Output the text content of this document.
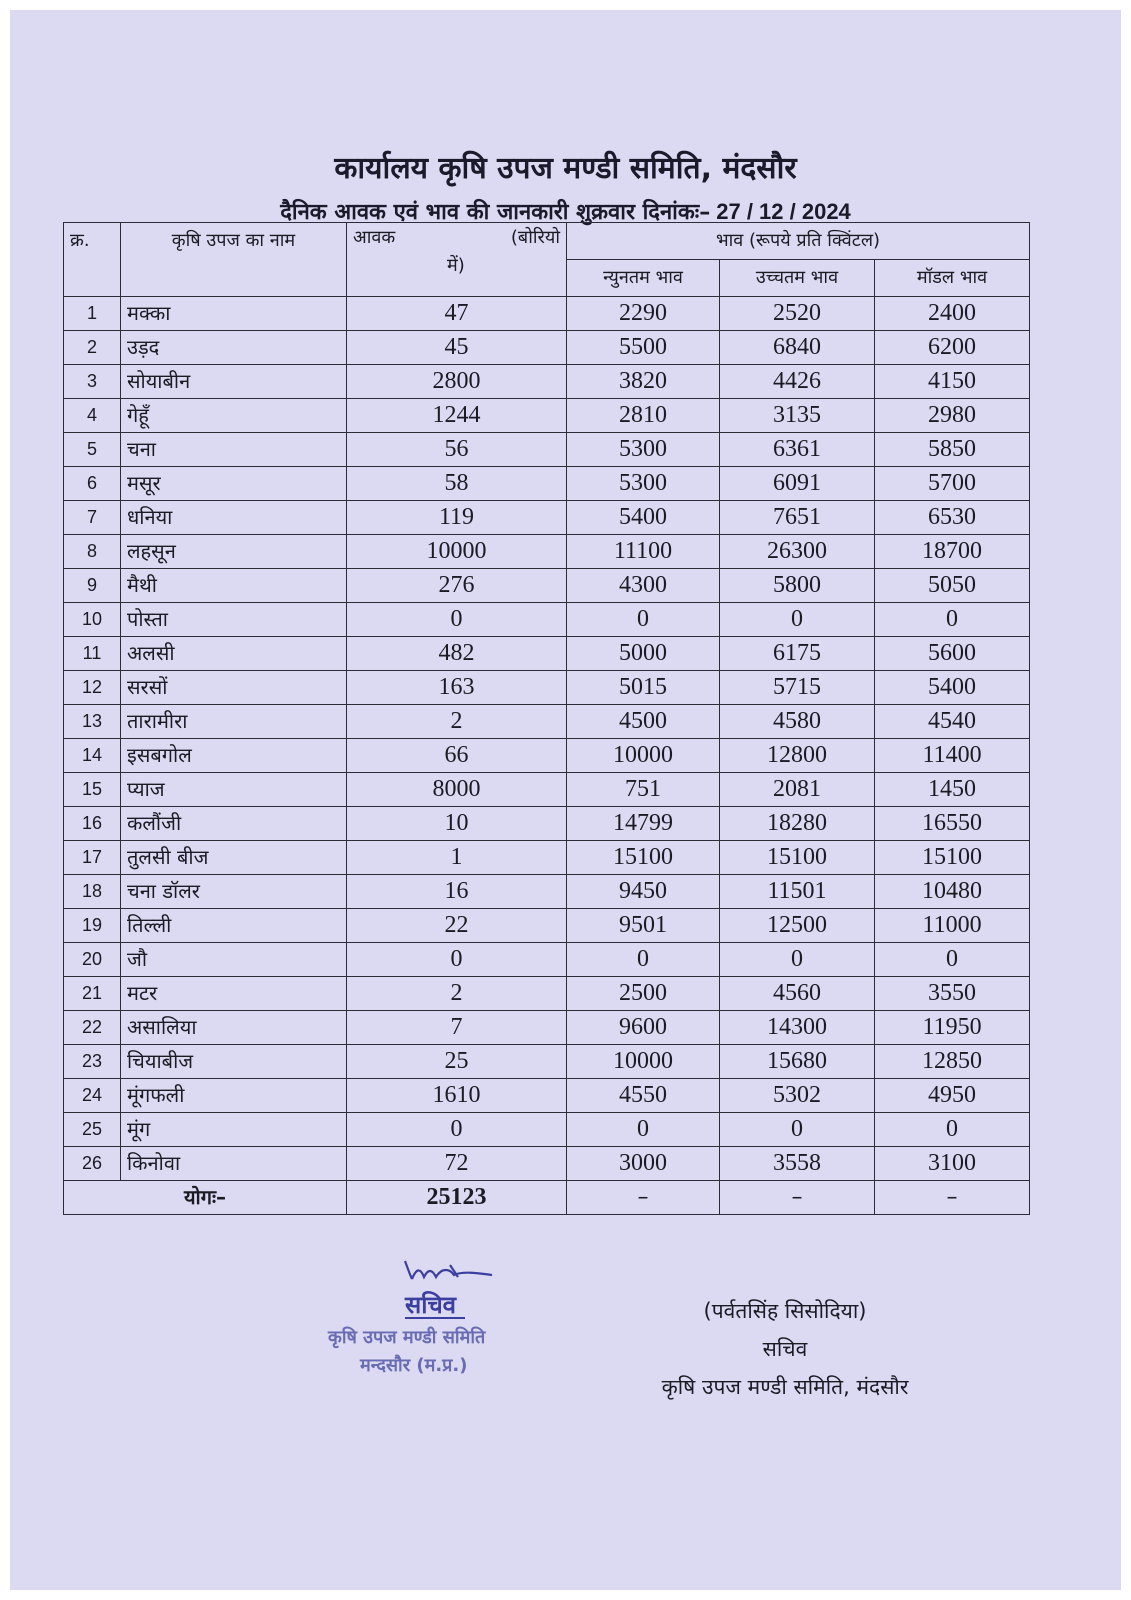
कार्यालय कृषि उपज मण्डी समिति, मंदसौर
दैनिक आवक एवं भाव की जानकारी शुक्रवार दिनांकः– 27 / 12 / 2024
क्र.	कृषि उपज का नाम	आवक (बोरियो
में)	भाव (रूपये प्रति क्विंटल)		
			न्युनतम भाव	उच्चतम भाव	मॉडल भाव
1	मक्का	47	2290	2520	2400
2	उड़द	45	5500	6840	6200
3	सोयाबीन	2800	3820	4426	4150
4	गेहूँ	1244	2810	3135	2980
5	चना	56	5300	6361	5850
6	मसूर	58	5300	6091	5700
7	धनिया	119	5400	7651	6530
8	लहसून	10000	11100	26300	18700
9	मैथी	276	4300	5800	5050
10	पोस्ता	0	0	0	0
11	अलसी	482	5000	6175	5600
12	सरसों	163	5015	5715	5400
13	तारामीरा	2	4500	4580	4540
14	इसबगोल	66	10000	12800	11400
15	प्याज	8000	751	2081	1450
16	कलौंजी	10	14799	18280	16550
17	तुलसी बीज	1	15100	15100	15100
18	चना डॉलर	16	9450	11501	10480
19	तिल्ली	22	9501	12500	11000
20	जौ	0	0	0	0
21	मटर	2	2500	4560	3550
22	असालिया	7	9600	14300	11950
23	चियाबीज	25	10000	15680	12850
24	मूंगफली	1610	4550	5302	4950
25	मूंग	0	0	0	0
26	किनोवा	72	3000	3558	3100
योगः–		25123	–	–	–
सचिव
कृषि उपज मण्डी समिति
मन्दसौर (म.प्र.)
(पर्वतसिंह सिसोदिया)
सचिव
कृषि उपज मण्डी समिति, मंदसौर
